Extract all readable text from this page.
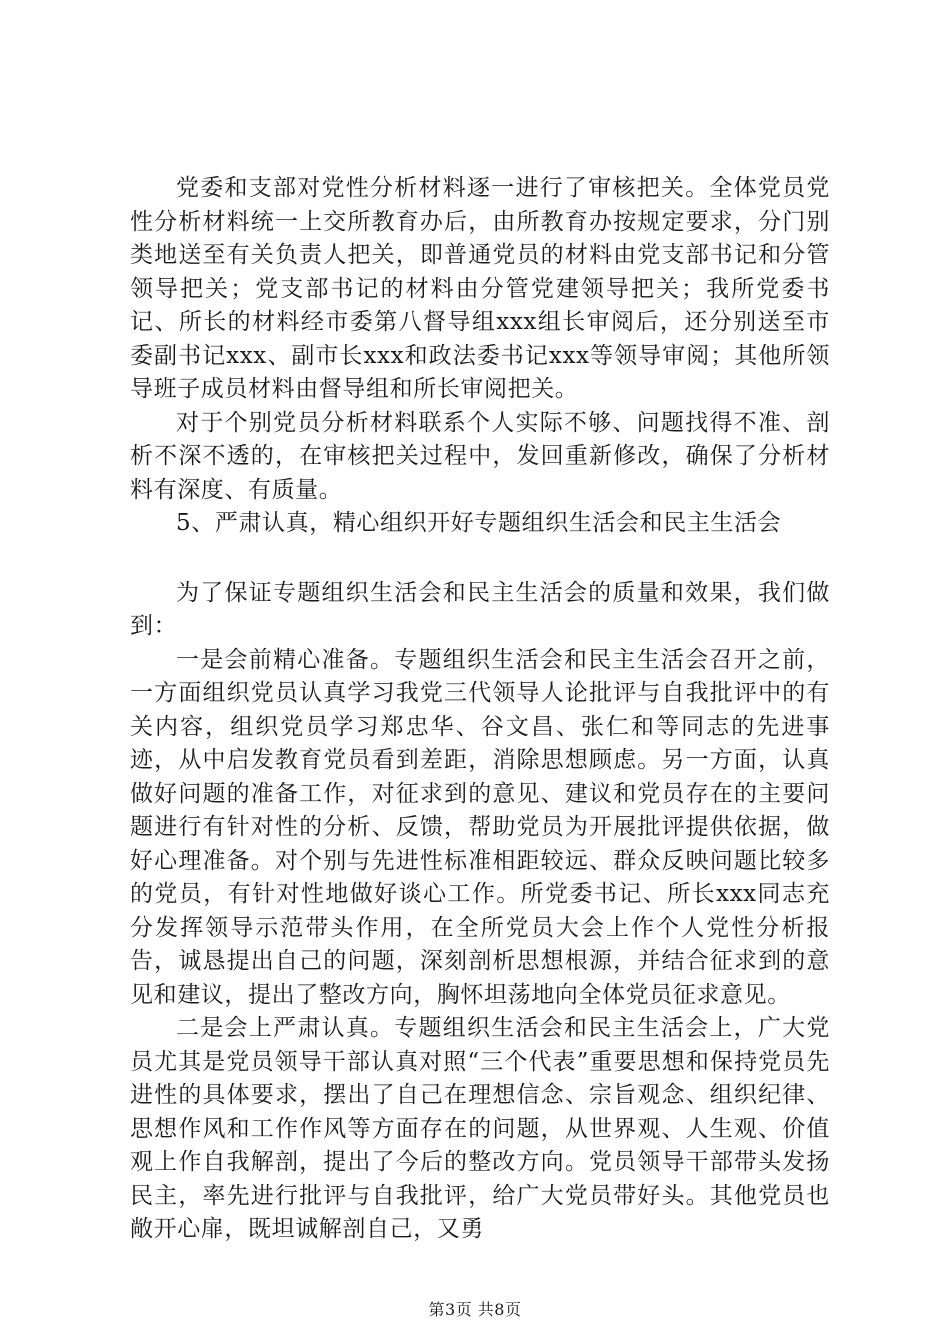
党委和支部对党性分析材料逐一进行了审核把关。全体党员党性分析材料统一上交所教育办后，由所教育办按规定要求，分门别类地送至有关负责人把关，即普通党员的材料由党支部书记和分管领导把关；党支部书记的材料由分管党建领导把关；我所党委书记、所长的材料经市委第八督导组xxx组长审阅后，还分别送至市委副书记xxx、副市长xxx和政法委书记xxx等领导审阅；其他所领导班子成员材料由督导组和所长审阅把关。

对于个别党员分析材料联系个人实际不够、问题找得不准、剖析不深不透的，在审核把关过程中，发回重新修改，确保了分析材料有深度、有质量。

5、严肃认真，精心组织开好专题组织生活会和民主生活会

为了保证专题组织生活会和民主生活会的质量和效果，我们做到：

一是会前精心准备。专题组织生活会和民主生活会召开之前，一方面组织党员认真学习我党三代领导人论批评与自我批评中的有关内容，组织党员学习郑忠华、谷文昌、张仁和等同志的先进事迹，从中启发教育党员看到差距，消除思想顾虑。另一方面，认真做好问题的准备工作，对征求到的意见、建议和党员存在的主要问题进行有针对性的分析、反馈，帮助党员为开展批评提供依据，做好心理准备。对个别与先进性标准相距较远、群众反映问题比较多的党员，有针对性地做好谈心工作。所党委书记、所长xxx同志充分发挥领导示范带头作用，在全所党员大会上作个人党性分析报告，诚恳提出自己的问题，深刻剖析思想根源，并结合征求到的意见和建议，提出了整改方向，胸怀坦荡地向全体党员征求意见。

二是会上严肃认真。专题组织生活会和民主生活会上，广大党员尤其是党员领导干部认真对照“三个代表”重要思想和保持党员先进性的具体要求，摆出了自己在理想信念、宗旨观念、组织纪律、思想作风和工作作风等方面存在的问题，从世界观、人生观、价值观上作自我解剖，提出了今后的整改方向。党员领导干部带头发扬民主，率先进行批评与自我批评，给广大党员带好头。其他党员也敞开心扉，既坦诚解剖自己，又勇

第3页 共8页
